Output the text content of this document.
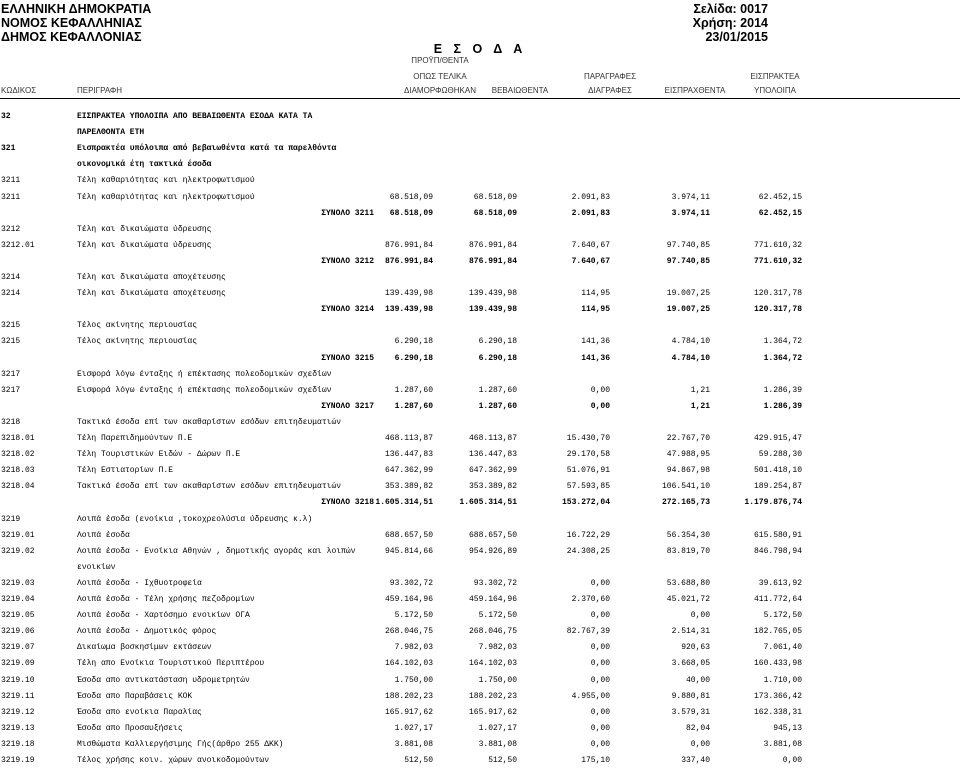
ΕΛΛΗΝΙΚΗ ΔΗΜΟΚΡΑΤΙΑ
ΝΟΜΟΣ ΚΕΦΑΛΛΗΝΙΑΣ
ΔΗΜΟΣ ΚΕΦΑΛΛΟΝΙΑΣ
Σελίδα: 0017
Χρήση: 2014
23/01/2015
Ε Σ Ο Δ Α
ΠΡΟΫΠ/ΘΕΝΤΑ
ΟΠΩΣ ΤΕΛΙΚΑ	ΠΑΡΑΓΡΑΦΕΣ	ΕΙΣΠΡΑΚΤΕΑ
ΚΩΔΙΚΟΣ	ΠΕΡΙΓΡΑΦΗ	ΔΙΑΜΟΡΦΩΘΗΚΑΝ	ΒΕΒΑΙΩΘΕΝΤΑ	ΔΙΑΓΡΑΦΕΣ	ΕΙΣΠΡΑΧΘΕΝΤΑ	ΥΠΟΛΟΙΠΑ
32	ΕΙΣΠΡΑΚΤΕΑ ΥΠΟΛΟΙΠΑ ΑΠΟ ΒΕΒΑΙΩΘΕΝΤΑ ΕΣΟΔΑ ΚΑΤΑ ΤΑ
ΠΑΡΕΛΘΟΝΤΑ ΕΤΗ
321	Εισπρακτέα υπόλοιπα από βεβαιωθέντα κατά τα παρελθόντα
οικονομικά έτη τακτικά έσοδα
3211	Τέλη καθαριότητας και ηλεκτροφωτισμού
3211	Τέλη καθαριότητας και ηλεκτροφωτισμού	68.518,09	68.518,09	2.091,83	3.974,11	62.452,15
ΣΥΝΟΛΟ 3211	68.518,09	68.518,09	2.091,83	3.974,11	62.452,15
3212	Τέλη και δικαιώματα ύδρευσης
3212.01	Τέλη και δικαιώματα ύδρευσης	876.991,84	876.991,84	7.640,67	97.740,85	771.610,32
ΣΥΝΟΛΟ 3212	876.991,84	876.991,84	7.640,67	97.740,85	771.610,32
3214	Τέλη και δικαιώματα αποχέτευσης
3214	Τέλη και δικαιώματα αποχέτευσης	139.439,98	139.439,98	114,95	19.007,25	120.317,78
ΣΥΝΟΛΟ 3214	139.439,98	139.439,98	114,95	19.007,25	120.317,78
3215	Τέλος ακίνητης περιουσίας
3215	Τέλος ακίνητης περιουσίας	6.290,18	6.290,18	141,36	4.784,10	1.364,72
ΣΥΝΟΛΟ 3215	6.290,18	6.290,18	141,36	4.784,10	1.364,72
3217	Εισφορά λόγω ένταξης ή επέκτασης πολεοδομικών σχεδίων
3217	Εισφορά λόγω ένταξης ή επέκτασης πολεοδομικών σχεδίων	1.287,60	1.287,60	0,00	1,21	1.286,39
ΣΥΝΟΛΟ 3217	1.287,60	1.287,60	0,00	1,21	1.286,39
3218	Τακτικά έσοδα επί των ακαθαρίστων εσόδων επιτηδευματιών
3218.01	Τέλη Παρεπιδημούντων Π.Ε	468.113,87	468.113,87	15.430,70	22.767,70	429.915,47
3218.02	Τέλη Τουριστικών Ειδών - Δώρων Π.Ε	136.447,83	136.447,83	29.170,58	47.988,95	59.288,30
3218.03	Τέλη Εστιατορίων Π.Ε	647.362,99	647.362,99	51.076,91	94.867,98	501.418,10
3218.04	Τακτικά έσοδα επί των ακαθαρίστων εσόδων επιτηδευματιών	353.389,82	353.389,82	57.593,85	106.541,10	189.254,87
ΣΥΝΟΛΟ 3218 1.605.314,51	1.605.314,51	153.272,04	272.165,73	1.179.876,74
3219	Λοιπά έσοδα (ενοίκια ,τοκοχρεολύσια ύδρευσης κ.λ)
3219.01	Λοιπά έσοδα	688.657,50	688.657,50	16.722,29	56.354,30	615.580,91
3219.02	Λοιπά έσοδα - Ενοίκια Αθηνών , δημοτικής αγοράς και λοιπών	945.814,66	954.926,89	24.308,25	83.819,70	846.798,94
ενοικίων
3219.03	Λοιπά έσοδα - Ιχθυοτροφεία	93.302,72	93.302,72	0,00	53.688,80	39.613,92
3219.04	Λοιπά έσοδα - Τέλη χρήσης πεζοδρομίων	459.164,96	459.164,96	2.370,60	45.021,72	411.772,64
3219.05	Λοιπά έσοδα - Χαρτόσημο ενοικίων ΟΓΑ	5.172,50	5.172,50	0,00	0,00	5.172,50
3219.06	Λοιπά έσοδα - Δημοτικός φόρος	268.046,75	268.046,75	82.767,39	2.514,31	182.765,05
3219.07	Δικαίωμα βοσκησίμων εκτάσεων	7.982,03	7.982,03	0,00	920,63	7.061,40
3219.09	Τέλη απο Ενοίκια Τουριστικού Περιπτέρου	164.102,03	164.102,03	0,00	3.668,05	160.433,98
3219.10	Έσοδα απο αντικατάσταση υδρομετρητών	1.750,00	1.750,00	0,00	40,00	1.710,00
3219.11	Έσοδα απο Παραβάσεις ΚΟΚ	188.202,23	188.202,23	4.955,00	9.880,81	173.366,42
3219.12	Έσοδα απο ενοίκια Παραλίας	165.917,62	165.917,62	0,00	3.579,31	162.338,31
3219.13	Έσοδα απο Προσαυξήσεις	1.027,17	1.027,17	0,00	82,04	945,13
3219.18	Μισθώματα Καλλιεργήσιμης Γής(άρθρο 255 ΔΚΚ)	3.881,08	3.881,08	0,00	0,00	3.881,08
3219.19	Τέλος χρήσης κοιν. χώρων ανοικοδομούντων	512,50	512,50	175,10	337,40	0,00
